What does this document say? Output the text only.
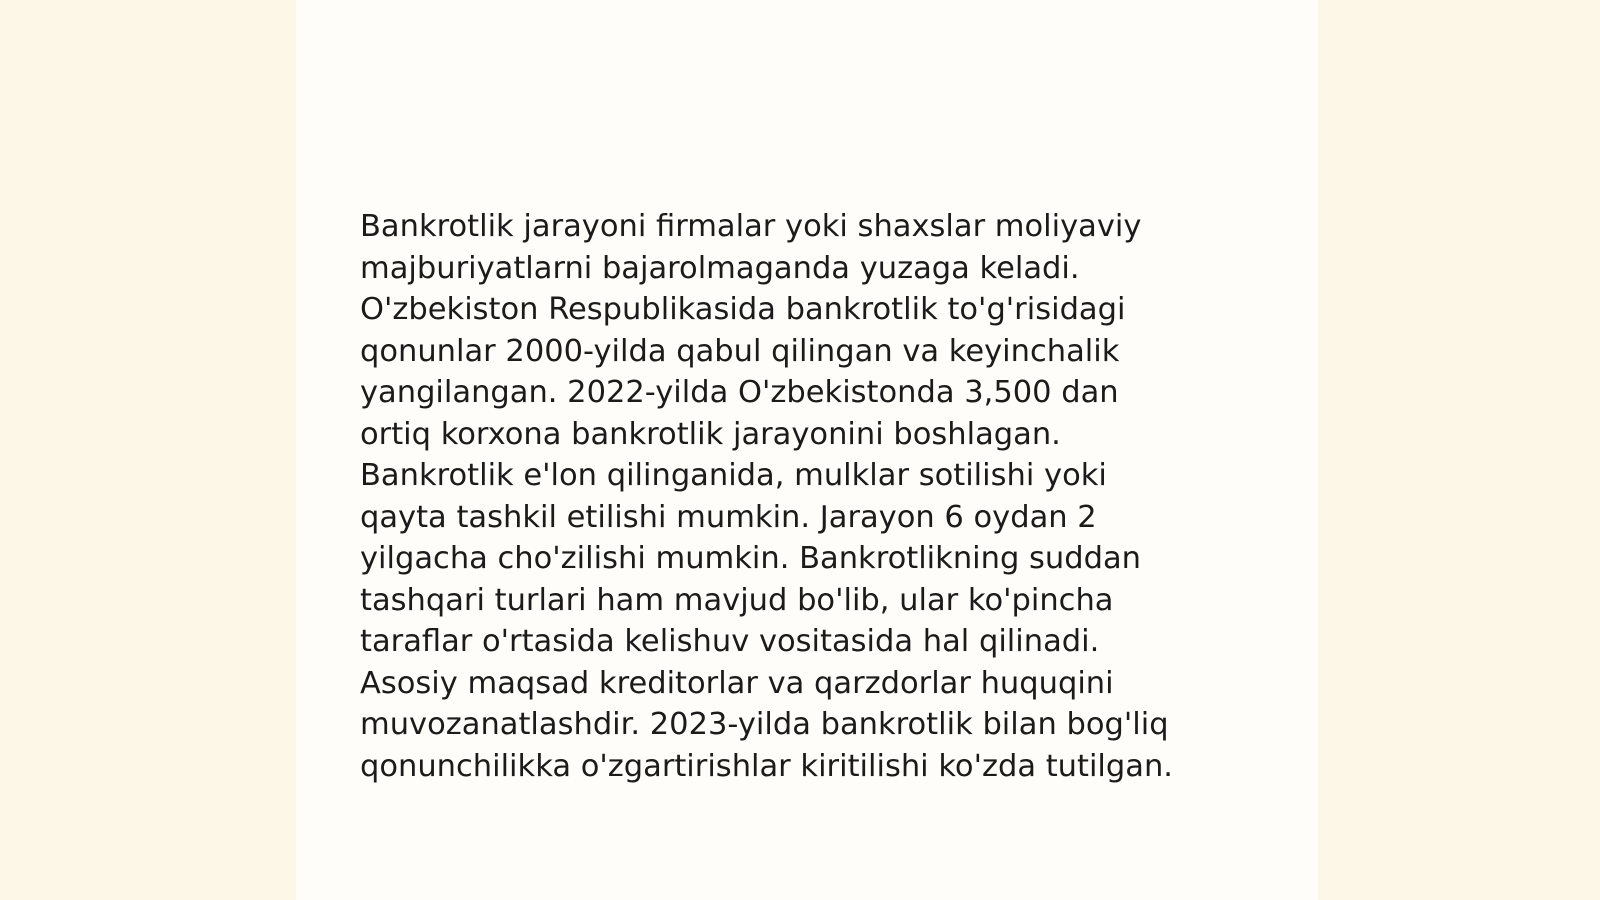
Bankrotlik jarayoni firmalar yoki shaxslar moliyaviy
majburiyatlarni bajarolmaganda yuzaga keladi.
O'zbekiston Respublikasida bankrotlik to'g'risidagi
qonunlar 2000-yilda qabul qilingan va keyinchalik
yangilangan. 2022-yilda O'zbekistonda 3,500 dan
ortiq korxona bankrotlik jarayonini boshlagan.
Bankrotlik e'lon qilinganida, mulklar sotilishi yoki
qayta tashkil etilishi mumkin. Jarayon 6 oydan 2
yilgacha cho'zilishi mumkin. Bankrotlikning suddan
tashqari turlari ham mavjud bo'lib, ular ko'pincha
taraflar o'rtasida kelishuv vositasida hal qilinadi.
Asosiy maqsad kreditorlar va qarzdorlar huquqini
muvozanatlashdir. 2023-yilda bankrotlik bilan bog'liq
qonunchilikka o'zgartirishlar kiritilishi ko'zda tutilgan.
